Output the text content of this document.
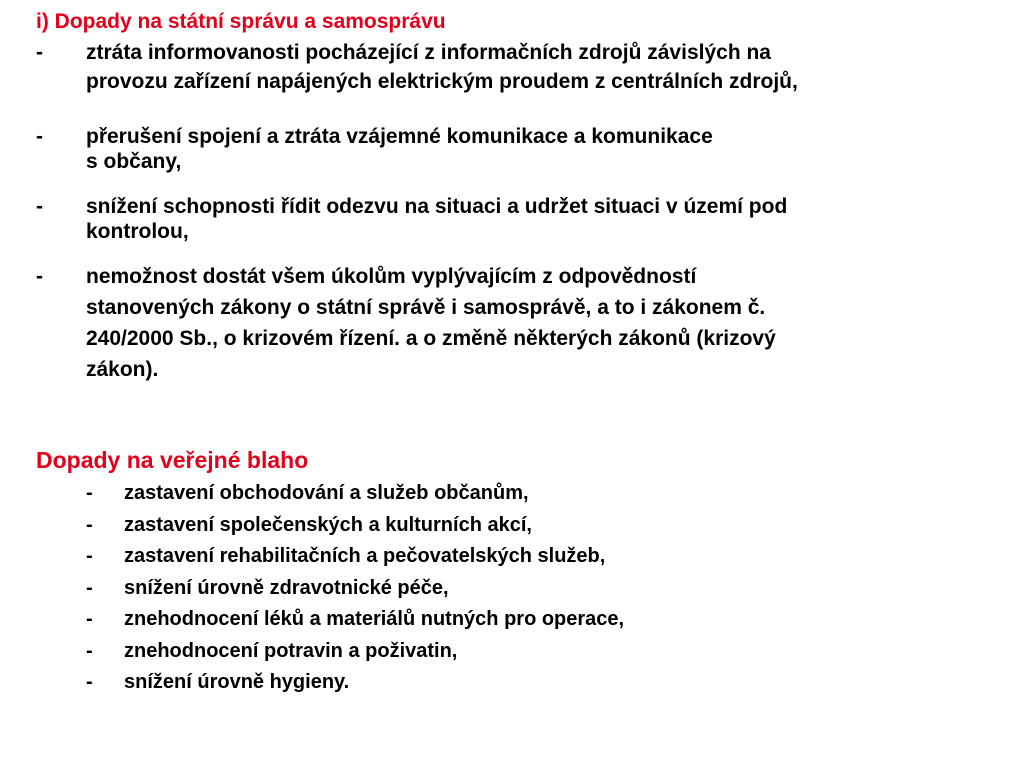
i) Dopady na státní správu a samosprávu
- ztráta informovanosti pocházející z informačních zdrojů závislých na
provozu zařízení napájených elektrickým proudem z centrálních zdrojů,
- přerušení spojení a ztráta vzájemné komunikace a komunikace
s občany,
- snížení schopnosti řídit odezvu na situaci a udržet situaci v území pod
kontrolou,
- nemožnost dostát všem úkolům vyplývajícím z odpovědností
stanovených zákony o státní správě i samosprávě, a to i zákonem č.
240/2000 Sb., o krizovém řízení. a o změně některých zákonů (krizový
zákon).
Dopady na veřejné blaho
- zastavení obchodování a služeb občanům,
- zastavení společenských a kulturních akcí,
- zastavení rehabilitačních a pečovatelských služeb,
- snížení úrovně zdravotnické péče,
- znehodnocení léků a materiálů nutných pro operace,
- znehodnocení potravin a poživatin,
- snížení úrovně hygieny.
